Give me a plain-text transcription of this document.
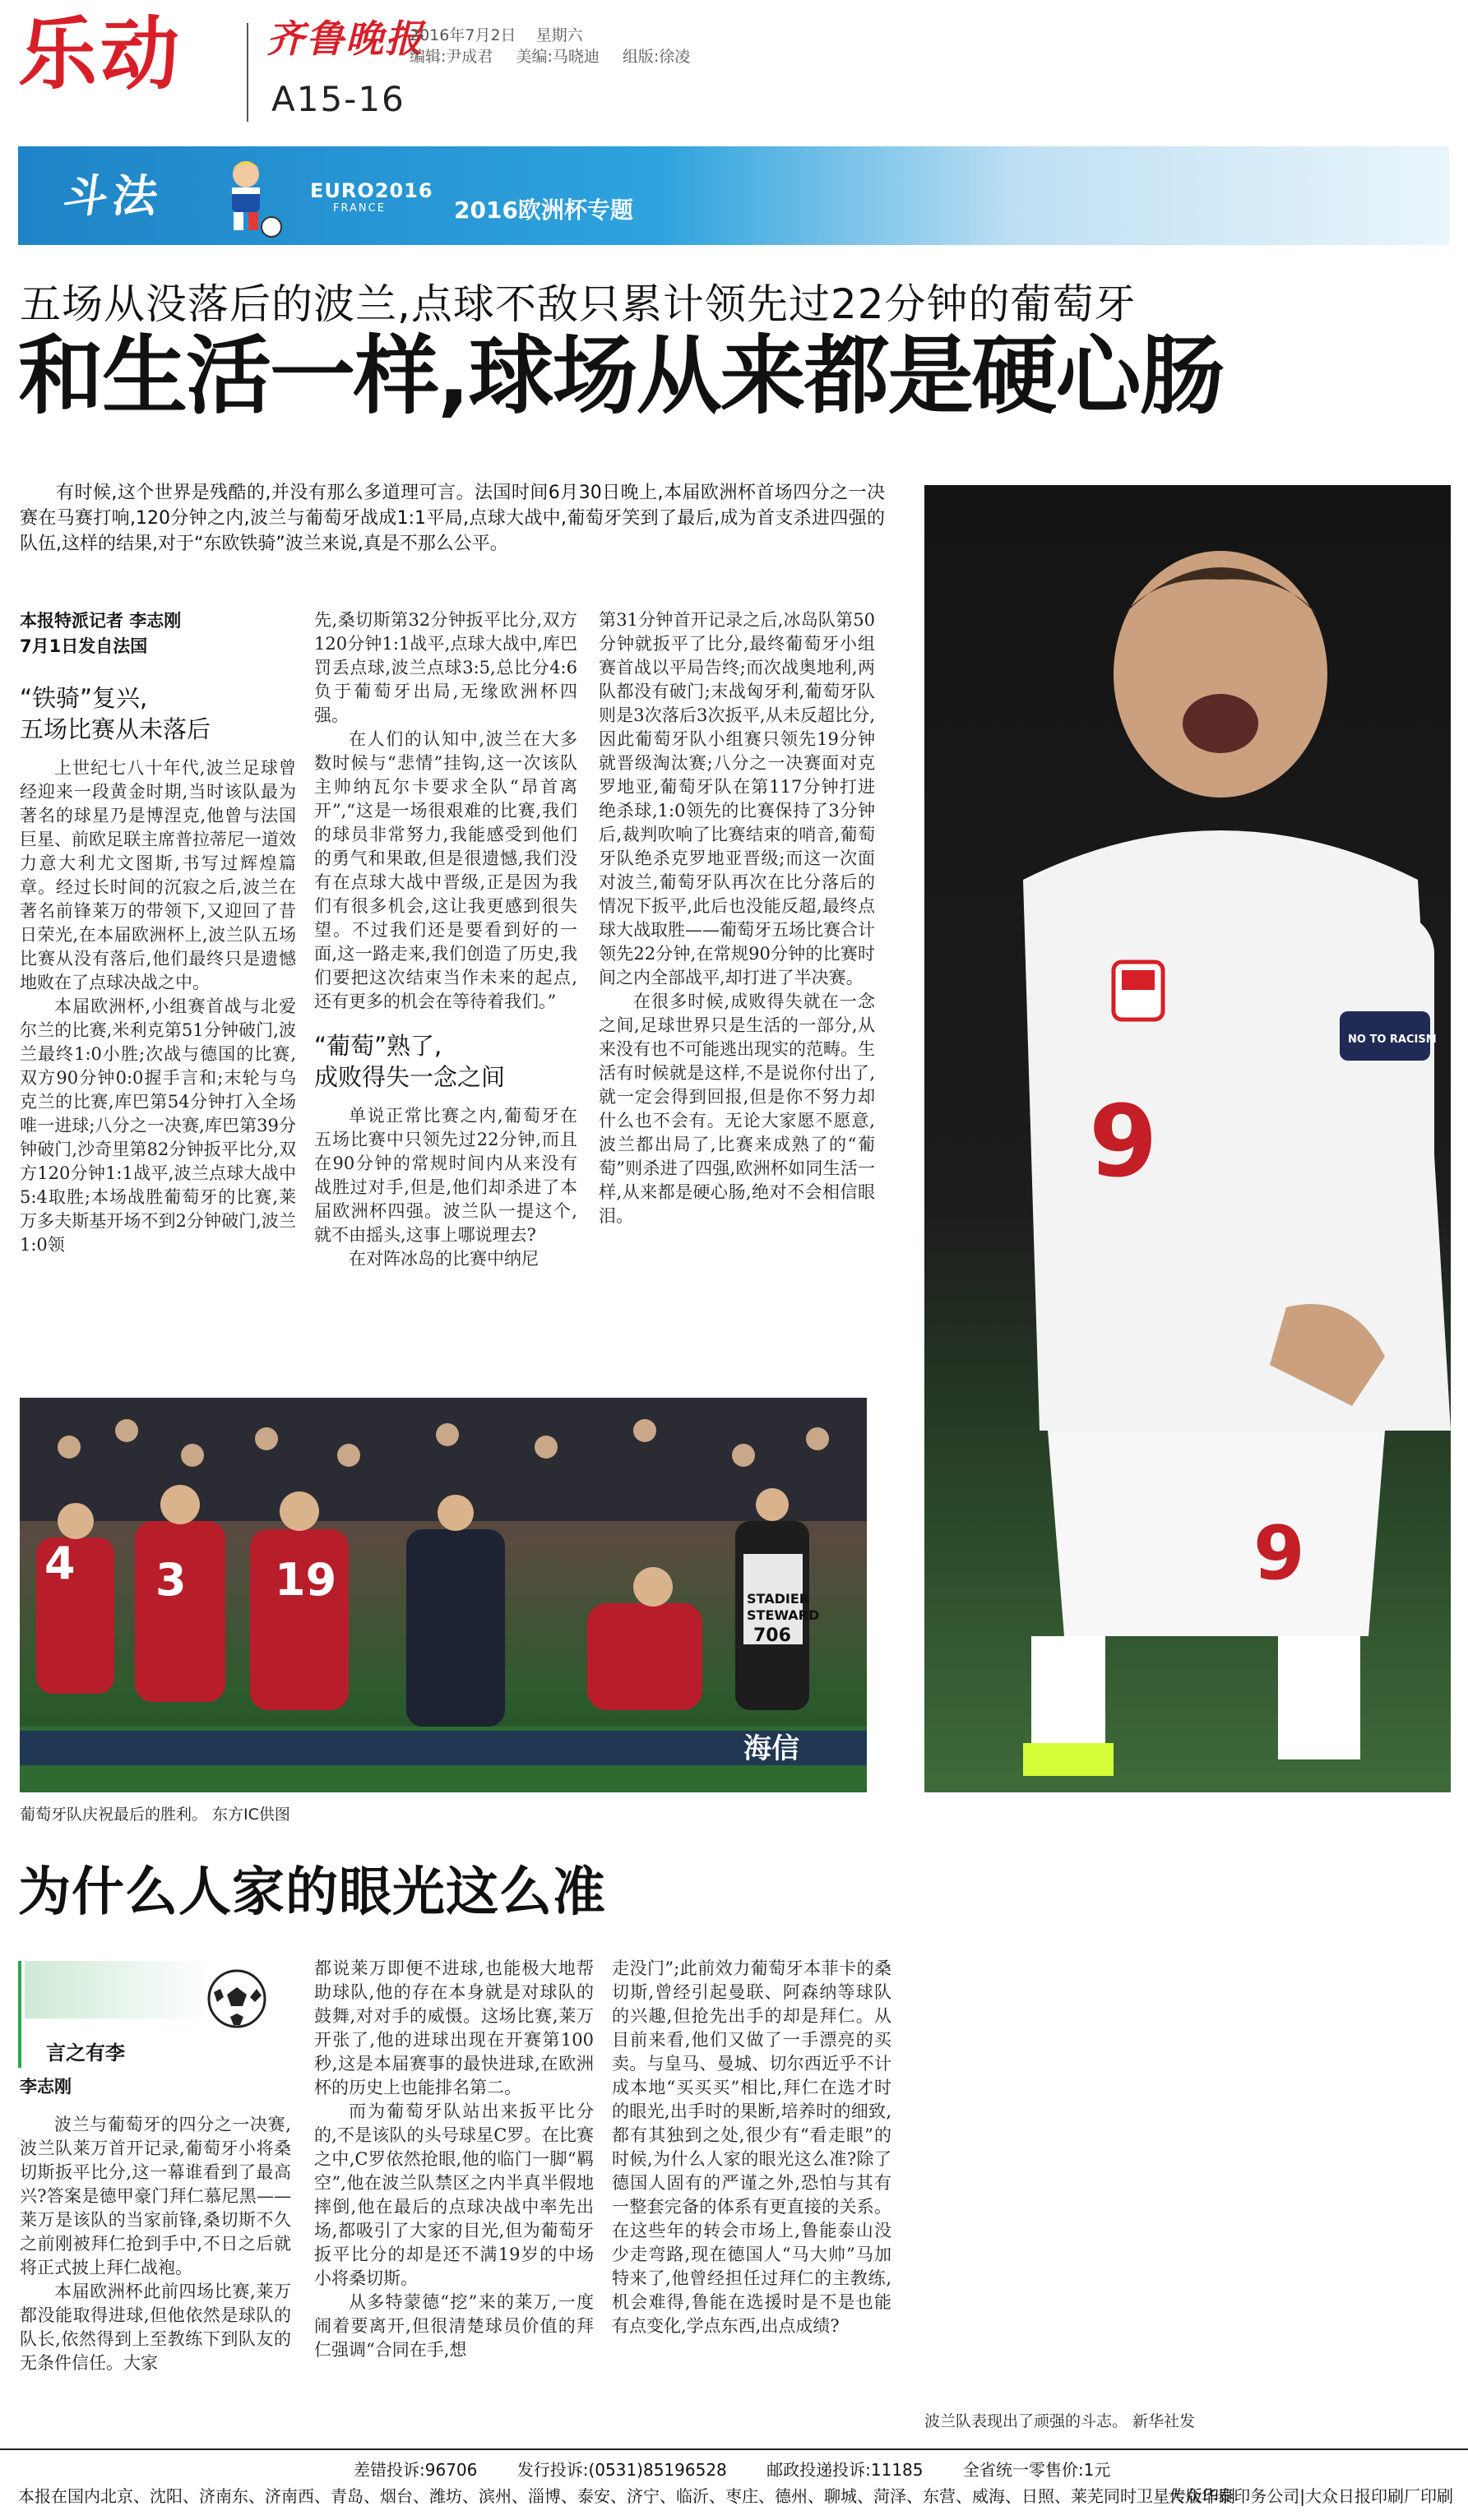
乐动 齐鲁晚报
A15-16
2016年7月2日 星期六
编辑:尹成君 美编:马晓迪 组版:徐凌
斗法	EURO2016
FRANCE	2016欧洲杯专题
五场从没落后的波兰,点球不敌只累计领先过22分钟的葡萄牙
和生活一样,球场从来都是硬心肠
有时候,这个世界是残酷的,并没有那么多道理可言。法国时间6月30日晚上,本届欧洲杯首场四分之一决赛在马赛打响,120分钟之内,波兰与葡萄牙战成1:1平局,点球大战中,葡萄牙笑到了最后,成为首支杀进四强的队伍,这样的结果,对于“东欧铁骑”波兰来说,真是不那么公平。
本报特派记者 李志刚
7月1日发自法国
“铁骑”复兴,
五场比赛从未落后

上世纪七八十年代,波兰足球曾经迎来一段黄金时期,当时该队最为著名的球星乃是博涅克,他曾与法国巨星、前欧足联主席普拉蒂尼一道效力意大利尤文图斯,书写过辉煌篇章。经过长时间的沉寂之后,波兰在著名前锋莱万的带领下,又迎回了昔日荣光,在本届欧洲杯上,波兰队五场比赛从没有落后,他们最终只是遗憾地败在了点球决战之中。

本届欧洲杯,小组赛首战与北爱尔兰的比赛,米利克第51分钟破门,波兰最终1:0小胜;次战与德国的比赛,双方90分钟0:0握手言和;末轮与乌克兰的比赛,库巴第54分钟打入全场唯一进球;八分之一决赛,库巴第39分钟破门,沙奇里第82分钟扳平比分,双方120分钟1:1战平,波兰点球大战中5:4取胜;本场战胜葡萄牙的比赛,莱万多夫斯基开场不到2分钟破门,波兰1:0领

先,桑切斯第32分钟扳平比分,双方120分钟1:1战平,点球大战中,库巴罚丢点球,波兰点球3:5,总比分4:6负于葡萄牙出局,无缘欧洲杯四强。

在人们的认知中,波兰在大多数时候与“悲情”挂钩,这一次该队主帅纳瓦尔卡要求全队“昂首离开”,“这是一场很艰难的比赛,我们的球员非常努力,我能感受到他们的勇气和果敢,但是很遗憾,我们没有在点球大战中晋级,正是因为我们有很多机会,这让我更感到很失望。不过我们还是要看到好的一面,这一路走来,我们创造了历史,我们要把这次结束当作未来的起点,还有更多的机会在等待着我们。”

“葡萄”熟了,
成败得失一念之间

单说正常比赛之内,葡萄牙在五场比赛中只领先过22分钟,而且在90分钟的常规时间内从来没有战胜过对手,但是,他们却杀进了本届欧洲杯四强。波兰队一提这个,就不由摇头,这事上哪说理去?

在对阵冰岛的比赛中纳尼

第31分钟首开记录之后,冰岛队第50分钟就扳平了比分,最终葡萄牙小组赛首战以平局告终;而次战奥地利,两队都没有破门;末战匈牙利,葡萄牙队则是3次落后3次扳平,从未反超比分,因此葡萄牙队小组赛只领先19分钟就晋级淘汰赛;八分之一决赛面对克罗地亚,葡萄牙队在第117分钟打进绝杀球,1:0领先的比赛保持了3分钟后,裁判吹响了比赛结束的哨音,葡萄牙队绝杀克罗地亚晋级;而这一次面对波兰,葡萄牙队再次在比分落后的情况下扳平,此后也没能反超,最终点球大战取胜——葡萄牙五场比赛合计领先22分钟,在常规90分钟的比赛时间之内全部战平,却打进了半决赛。

在很多时候,成败得失就在一念之间,足球世界只是生活的一部分,从来没有也不可能逃出现实的范畴。生活有时候就是这样,不是说你付出了,就一定会得到回报,但是你不努力却什么也不会有。无论大家愿不愿意,波兰都出局了,比赛来成熟了的“葡萄”则杀进了四强,欧洲杯如同生活一样,从来都是硬心肠,绝对不会相信眼泪。

4 3 19	STADIER
STEWARD
706
海信
葡萄牙队庆祝最后的胜利。 东方IC供图
NO TO RACISM
9
9
波兰队表现出了顽强的斗志。 新华社发
为什么人家的眼光这么准
言之有李
李志刚

波兰与葡萄牙的四分之一决赛,波兰队莱万首开记录,葡萄牙小将桑切斯扳平比分,这一幕谁看到了最高兴?答案是德甲豪门拜仁慕尼黑——莱万是该队的当家前锋,桑切斯不久之前刚被拜仁抢到手中,不日之后就将正式披上拜仁战袍。

本届欧洲杯此前四场比赛,莱万都没能取得进球,但他依然是球队的队长,依然得到上至教练下到队友的无条件信任。大家

都说莱万即便不进球,也能极大地帮助球队,他的存在本身就是对球队的鼓舞,对对手的威慑。这场比赛,莱万开张了,他的进球出现在开赛第100秒,这是本届赛事的最快进球,在欧洲杯的历史上也能排名第二。

而为葡萄牙队站出来扳平比分的,不是该队的头号球星C罗。在比赛之中,C罗依然抢眼,他的临门一脚“羁空”,他在波兰队禁区之内半真半假地摔倒,他在最后的点球决战中率先出场,都吸引了大家的目光,但为葡萄牙扳平比分的却是还不满19岁的中场小将桑切斯。

从多特蒙德“挖”来的莱万,一度闹着要离开,但很清楚球员价值的拜仁强调“合同在手,想

走没门”;此前效力葡萄牙本菲卡的桑切斯,曾经引起曼联、阿森纳等球队的兴趣,但抢先出手的却是拜仁。从目前来看,他们又做了一手漂亮的买卖。与皇马、曼城、切尔西近乎不计成本地“买买买”相比,拜仁在选才时的眼光,出手时的果断,培养时的细致,都有其独到之处,很少有“看走眼”的时候,为什么人家的眼光这么准?除了德国人固有的严谨之外,恐怕与其有一整套完备的体系有更直接的关系。在这些年的转会市场上,鲁能泰山没少走弯路,现在德国人“马大帅”马加特来了,他曾经担任过拜仁的主教练,机会难得,鲁能在选援时是不是也能有点变化,学点东西,出点成绩?

差错投诉:96706 发行投诉:(0531)85196528 邮政投递投诉:11185 全省统一零售价:1元
本报在国内北京、沈阳、济南东、济南西、青岛、烟台、潍坊、滨州、淄博、泰安、济宁、临沂、枣庄、德州、聊城、菏泽、东营、威海、日照、莱芜同时卫星传版印刷
大众华泰印务公司|大众日报印刷厂印刷
